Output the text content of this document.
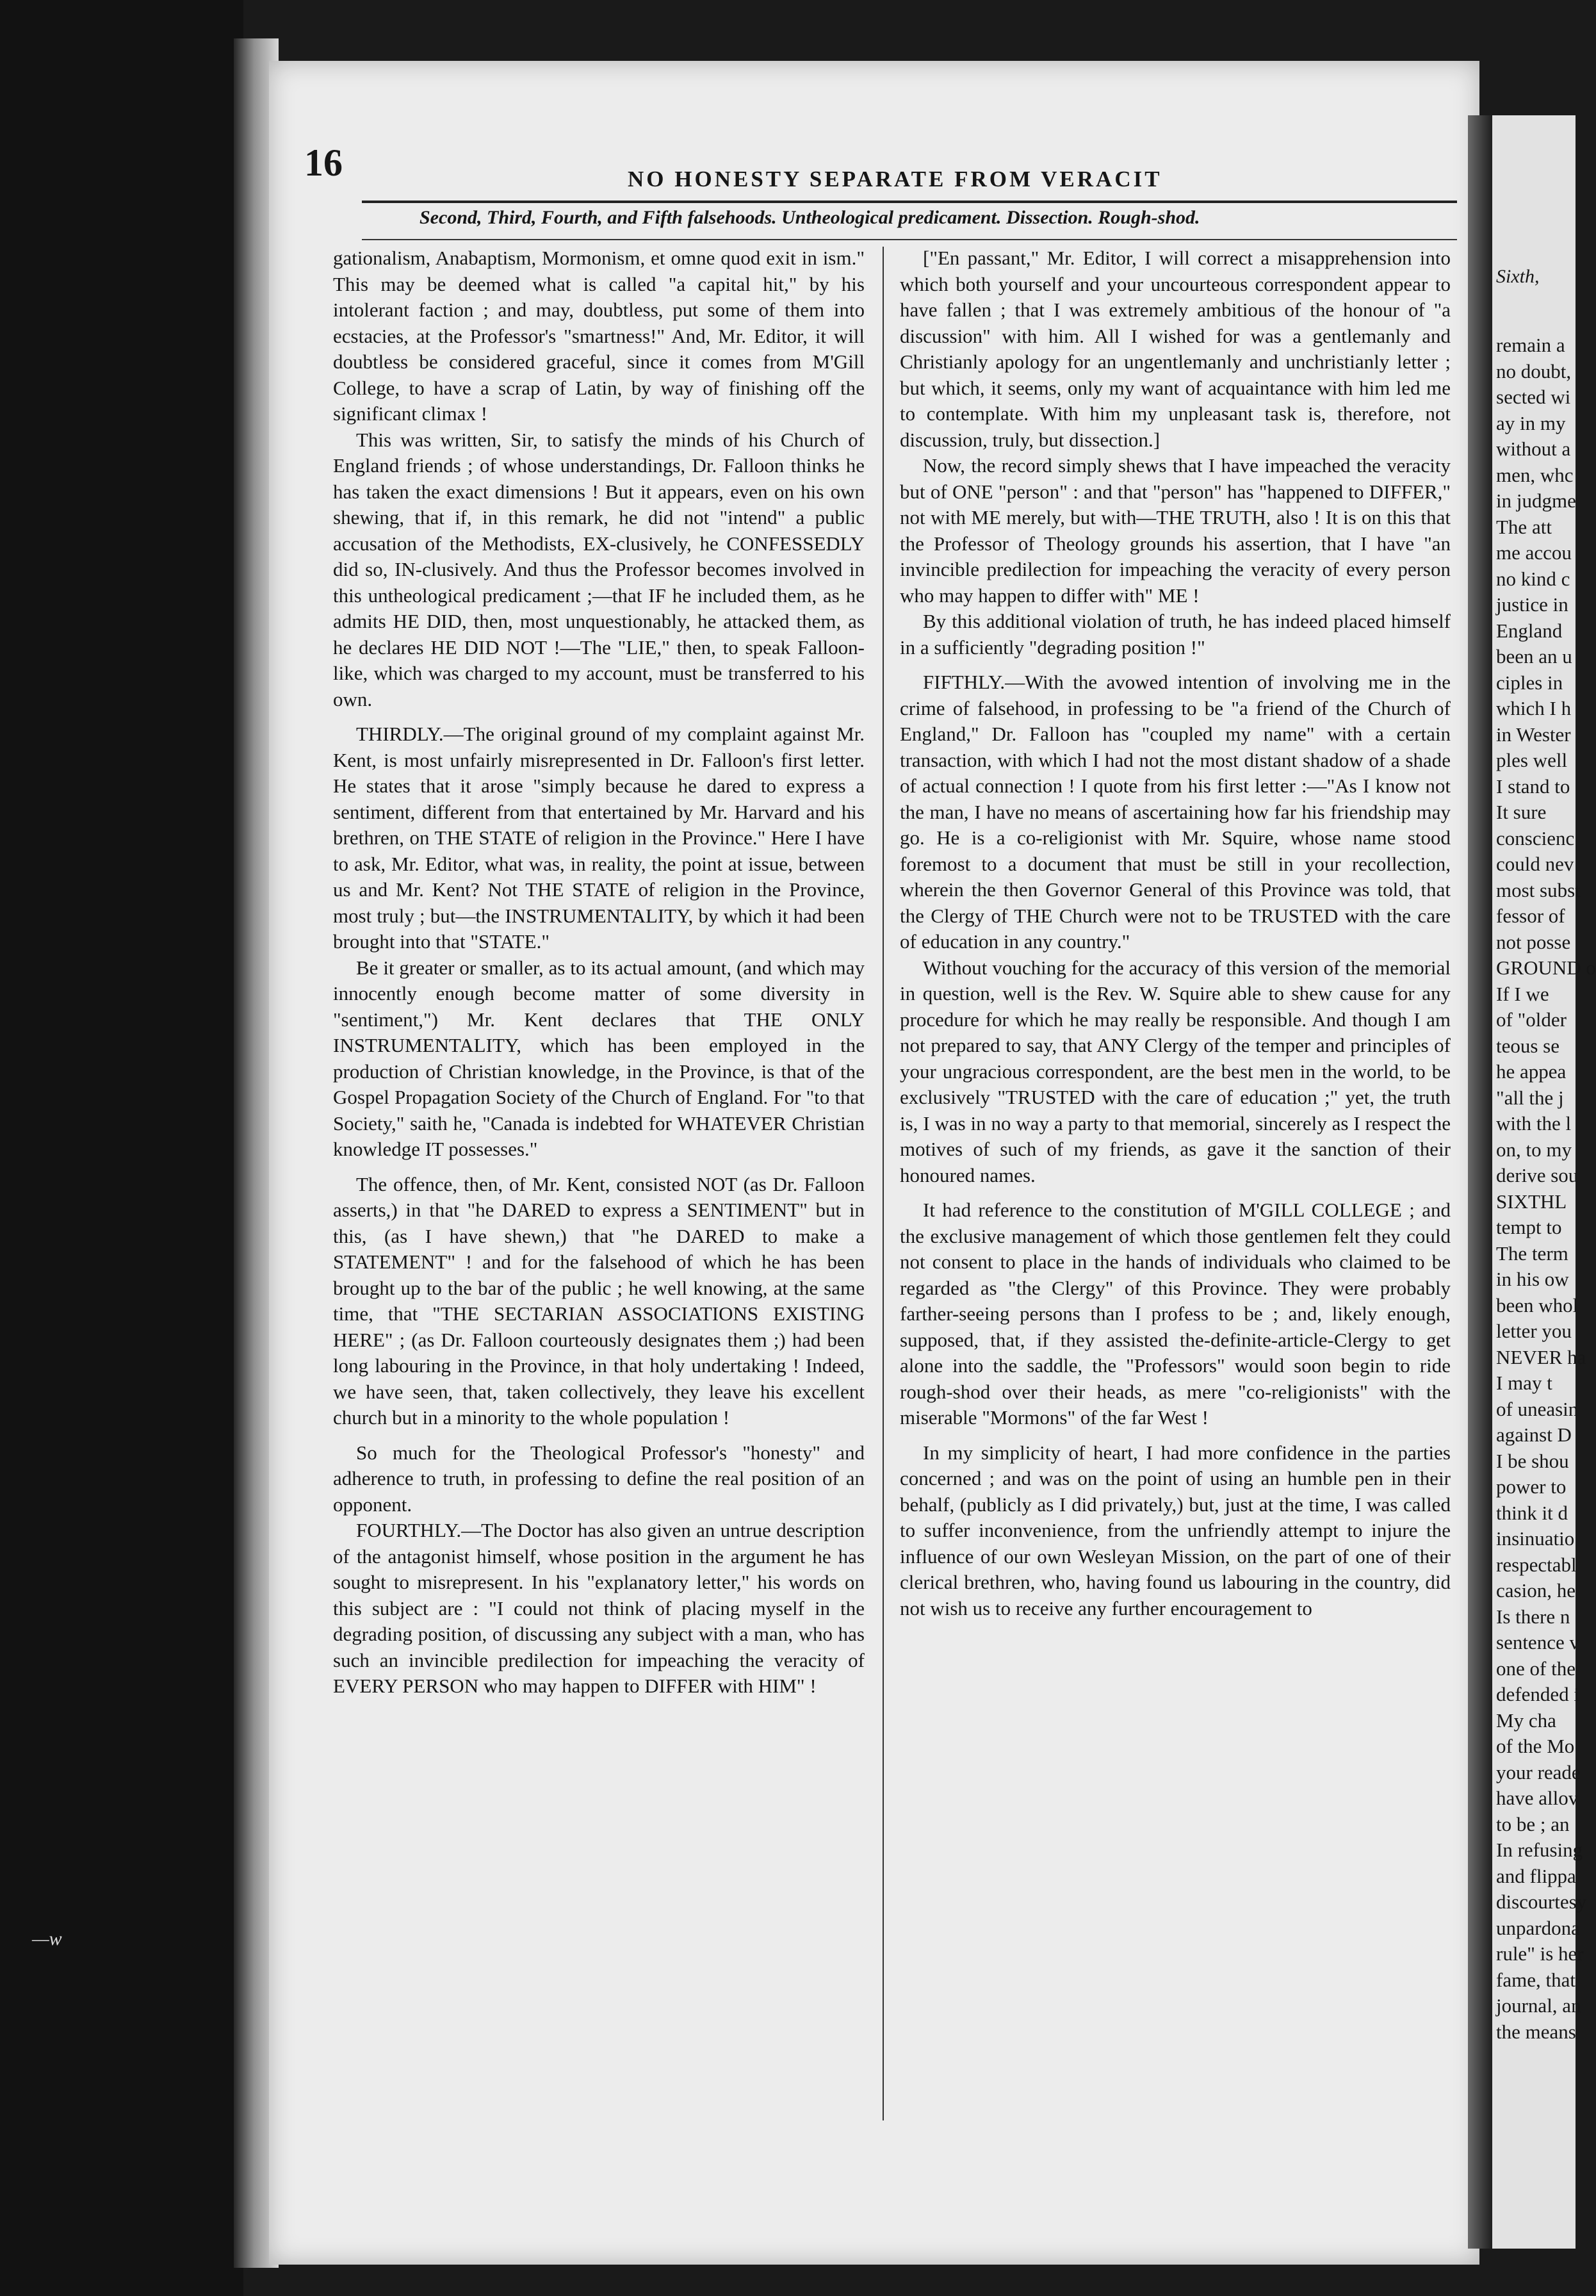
—w
16	NO HONESTY SEPARATE FROM VERACIT
Second, Third, Fourth, and Fifth falsehoods. Untheological predicament. Dissection. Rough-shod.

gationalism, Anabaptism, Mormonism, et omne quod exit in ism." This may be deemed what is called "a capital hit," by his intolerant faction ; and may, doubtless, put some of them into ecstacies, at the Professor's "smartness!" And, Mr. Editor, it will doubtless be considered graceful, since it comes from M'Gill College, to have a scrap of Latin, by way of finishing off the significant climax !

This was written, Sir, to satisfy the minds of his Church of England friends ; of whose understandings, Dr. Falloon thinks he has taken the exact dimensions ! But it appears, even on his own shewing, that if, in this remark, he did not "intend" a public accusation of the Methodists, EX-clusively, he CONFESSEDLY did so, IN-clusively. And thus the Professor becomes involved in this untheological predicament ;—that IF he included them, as he admits HE DID, then, most unquestionably, he attacked them, as he declares HE DID NOT !—The "LIE," then, to speak Falloon-like, which was charged to my account, must be transferred to his own.

THIRDLY.—The original ground of my complaint against Mr. Kent, is most unfairly misrepresented in Dr. Falloon's first letter. He states that it arose "simply because he dared to express a sentiment, different from that entertained by Mr. Harvard and his brethren, on THE STATE of religion in the Province." Here I have to ask, Mr. Editor, what was, in reality, the point at issue, between us and Mr. Kent? Not THE STATE of religion in the Province, most truly ; but—the INSTRUMENTALITY, by which it had been brought into that "STATE."

Be it greater or smaller, as to its actual amount, (and which may innocently enough become matter of some diversity in "sentiment,") Mr. Kent declares that THE ONLY INSTRUMENTALITY, which has been employed in the production of Christian knowledge, in the Province, is that of the Gospel Propagation Society of the Church of England. For "to that Society," saith he, "Canada is indebted for WHATEVER Christian knowledge IT possesses."

The offence, then, of Mr. Kent, consisted NOT (as Dr. Falloon asserts,) in that "he DARED to express a SENTIMENT" but in this, (as I have shewn,) that "he DARED to make a STATEMENT" ! and for the falsehood of which he has been brought up to the bar of the public ; he well knowing, at the same time, that "THE SECTARIAN ASSOCIATIONS EXISTING HERE" ; (as Dr. Falloon courteously designates them ;) had been long labouring in the Province, in that holy undertaking ! Indeed, we have seen, that, taken collectively, they leave his excellent church but in a minority to the whole population !

So much for the Theological Professor's "honesty" and adherence to truth, in professing to define the real position of an opponent.

FOURTHLY.—The Doctor has also given an untrue description of the antagonist himself, whose position in the argument he has sought to misrepresent. In his "explanatory letter," his words on this subject are : "I could not think of placing myself in the degrading position, of discussing any subject with a man, who has such an invincible predilection for impeaching the veracity of EVERY PERSON who may happen to DIFFER with HIM" !

["En passant," Mr. Editor, I will correct a misapprehension into which both yourself and your uncourteous correspondent appear to have fallen ; that I was extremely ambitious of the honour of "a discussion" with him. All I wished for was a gentlemanly and Christianly apology for an ungentlemanly and unchristianly letter ; but which, it seems, only my want of acquaintance with him led me to contemplate. With him my unpleasant task is, therefore, not discussion, truly, but dissection.]

Now, the record simply shews that I have impeached the veracity but of ONE "person" : and that "person" has "happened to DIFFER," not with ME merely, but with—THE TRUTH, also ! It is on this that the Professor of Theology grounds his assertion, that I have "an invincible predilection for impeaching the veracity of every person who may happen to differ with" ME !

By this additional violation of truth, he has indeed placed himself in a sufficiently "degrading position !"

FIFTHLY.—With the avowed intention of involving me in the crime of falsehood, in professing to be "a friend of the Church of England," Dr. Falloon has "coupled my name" with a certain transaction, with which I had not the most distant shadow of a shade of actual connection ! I quote from his first letter :—"As I know not the man, I have no means of ascertaining how far his friendship may go. He is a co-religionist with Mr. Squire, whose name stood foremost to a document that must be still in your recollection, wherein the then Governor General of this Province was told, that the Clergy of THE Church were not to be TRUSTED with the care of education in any country."

Without vouching for the accuracy of this version of the memorial in question, well is the Rev. W. Squire able to shew cause for any procedure for which he may really be responsible. And though I am not prepared to say, that ANY Clergy of the temper and principles of your ungracious correspondent, are the best men in the world, to be exclusively "TRUSTED with the care of education ;" yet, the truth is, I was in no way a party to that memorial, sincerely as I respect the motives of such of my friends, as gave it the sanction of their honoured names.

It had reference to the constitution of M'GILL COLLEGE ; and the exclusive management of which those gentlemen felt they could not consent to place in the hands of individuals who claimed to be regarded as "the Clergy" of this Province. They were probably farther-seeing persons than I profess to be ; and, likely enough, supposed, that, if they assisted the-definite-article-Clergy to get alone into the saddle, the "Professors" would soon begin to ride rough-shod over their heads, as mere "co-religionists" with the miserable "Mormons" of the far West !

In my simplicity of heart, I had more confidence in the parties concerned ; and was on the point of using an humble pen in their behalf, (publicly as I did privately,) but, just at the time, I was called to suffer inconvenience, from the unfriendly attempt to injure the influence of our own Wesleyan Mission, on the part of one of their clerical brethren, who, having found us labouring in the country, did not wish us to receive any further encouragement to

Sixth,
remain a
no doubt,
sected wi
ay in my
without a
men, whc
in judgme
The att
me accou
no kind c
justice in
England
been an u
ciples in
which I h
in Wester
ples well
I stand to
It sure
conscienc
could nev
most subst
fessor of
not posse
GROUND o
If I we
of "older
teous se
he appea
"all the j
with the l
on, to my
derive sou
SIXTHL
tempt to
The term
in his ow
been whol
letter you
NEVER ha
I may t
of uneasin
against D
I be shou
power to
think it d
insinuatio
respectabl
casion, he
Is there n
sentence v
one of the
defended i
My cha
of the Mo
your reade
have allov
to be ; an
In refusing
and flippa
discourtesy
unpardona
rule" is her
fame, that
journal, an
the means
